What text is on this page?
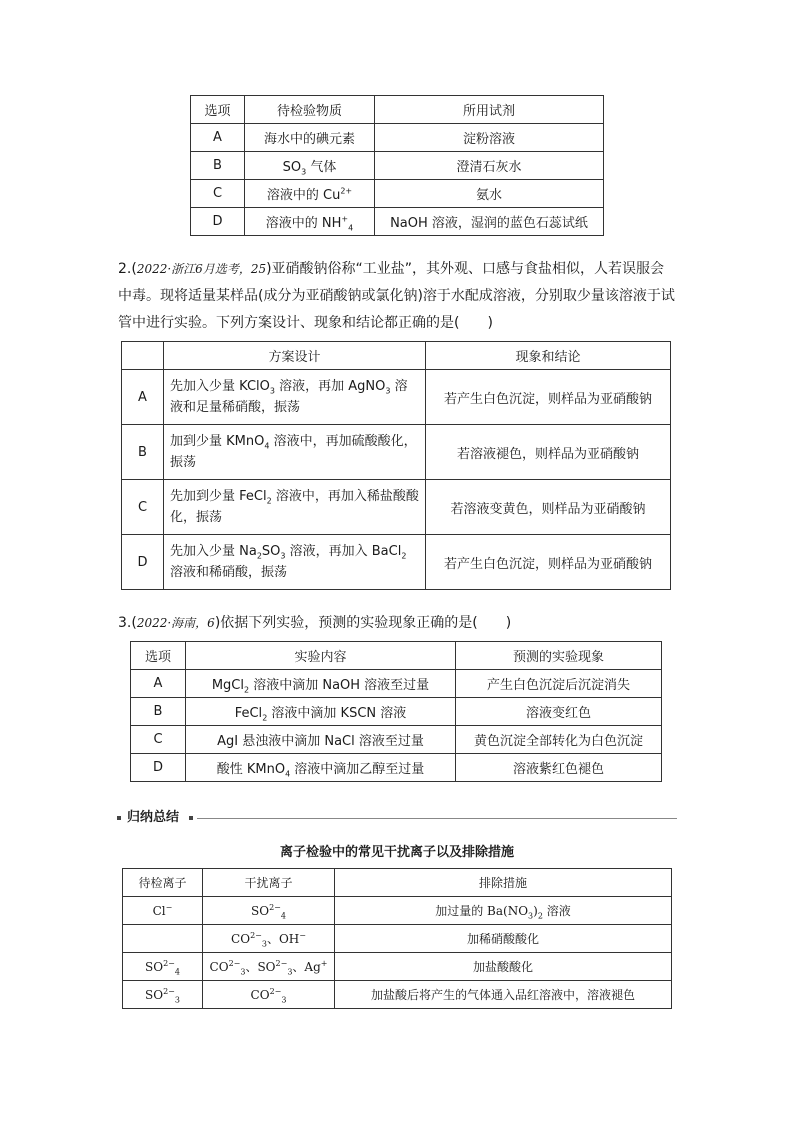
选项	待检验物质	所用试剂
A	海水中的碘元素	淀粉溶液
B	$SO_3$ 气体	澄清石灰水
C	溶液中的 $Cu^{2+}$	氨水
D	溶液中的 $NH^+_4$	NaOH 溶液，湿润的蓝色石蕊试纸
2.(2022·浙江6月选考，25)亚硝酸钠俗称“工业盐”，其外观、口感与食盐相似，人若误服会
中毒。现将适量某样品(成分为亚硝酸钠或氯化钠)溶于水配成溶液，分别取少量该溶液于试
管中进行实验。下列方案设计、现象和结论都正确的是(　　)
	方案设计	现象和结论
A	先加入少量 KClO$_3$ 溶液，再加 AgNO$_3$ 溶液和足量稀硝酸，振荡	若产生白色沉淀，则样品为亚硝酸钠
B	加到少量 KMnO$_4$ 溶液中，再加硫酸酸化，振荡	若溶液褪色，则样品为亚硝酸钠
C	先加到少量 FeCl$_2$ 溶液中，再加入稀盐酸酸化，振荡	若溶液变黄色，则样品为亚硝酸钠
D	先加入少量 $Na_2SO_3$ 溶液，再加入 BaCl$_2$ 溶液和稀硝酸，振荡	若产生白色沉淀，则样品为亚硝酸钠
3.(2022·海南，6)依据下列实验，预测的实验现象正确的是(　　)
选项	实验内容	预测的实验现象
A	MgCl$_2$ 溶液中滴加 NaOH 溶液至过量	产生白色沉淀后沉淀消失
B	FeCl$_2$ 溶液中滴加 KSCN 溶液	溶液变红色
C	AgI 悬浊液中滴加 NaCl 溶液至过量	黄色沉淀全部转化为白色沉淀
D	酸性 KMnO$_4$ 溶液中滴加乙醇至过量	溶液紫红色褪色
归纳总结
离子检验中的常见干扰离子以及排除措施
待检离子	干扰离子	排除措施
Cl−	$SO^{2-}_4$	加过量的 $Ba(NO_3)_2$ 溶液
	$CO^{2-}_3$、OH−	加稀硝酸酸化
$SO^{2-}_4$	$CO^{2-}_3$、$SO^{2-}_3$、Ag+	加盐酸酸化
$SO^{2-}_3$	$CO^{2-}_3$	加盐酸后将产生的气体通入品红溶液中，溶液褪色
